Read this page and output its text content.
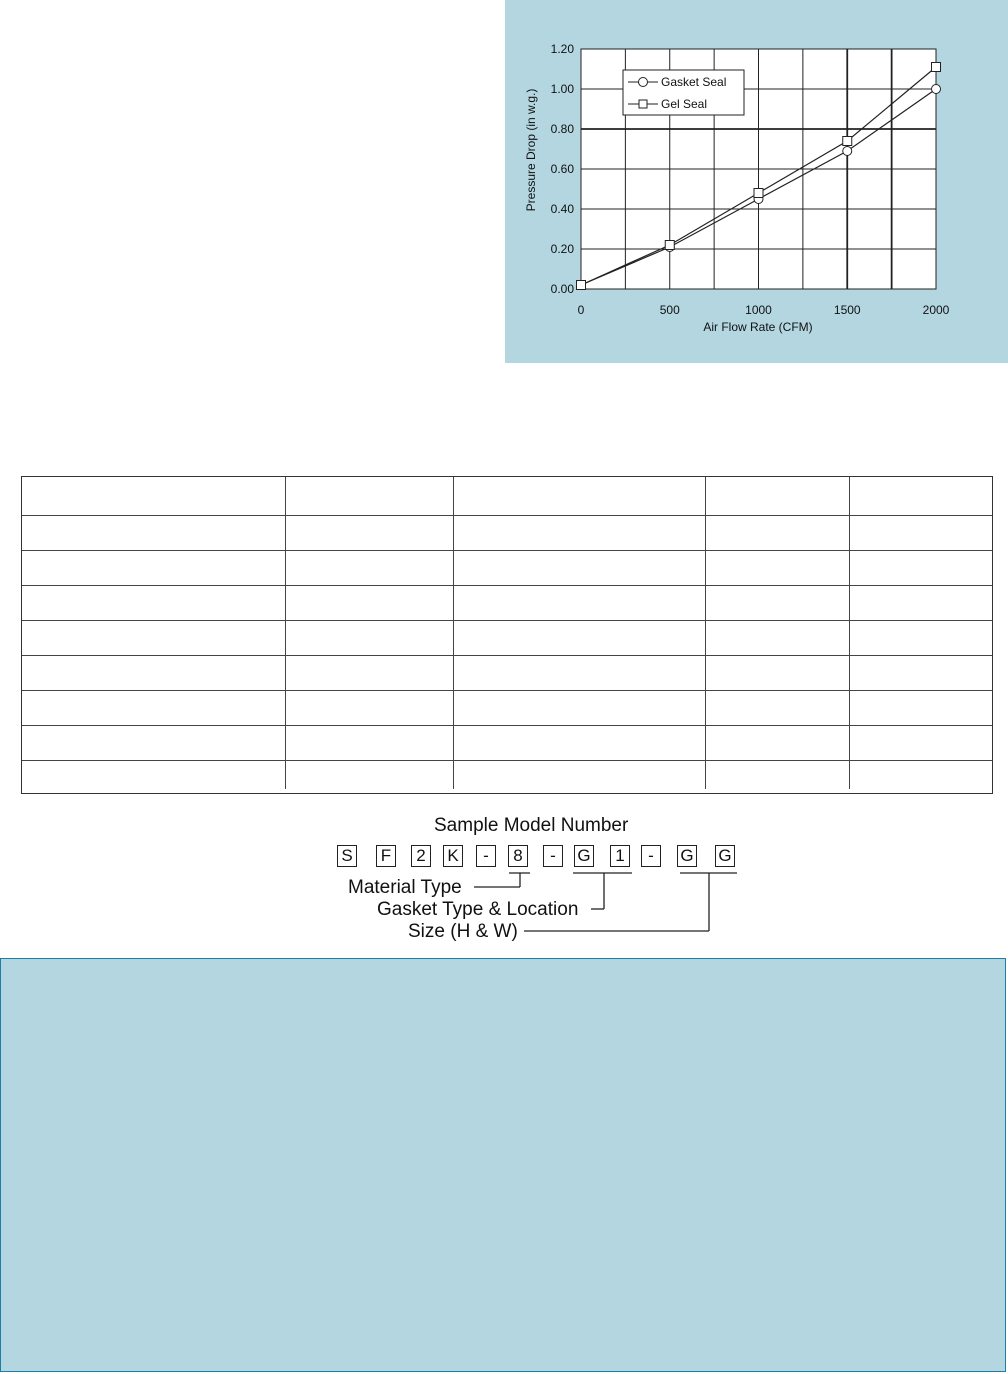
0	500	1000	1500	2000
0.00
0.20
0.40
0.60
0.80
1.00
1.20
Air Flow Rate (CFM)
Pressure Drop (in w.g.)
Gasket Seal
Gel Seal
Sample Model Number
S F	2	K	-	8	-	G	1	-	G G
Material Type
Gasket Type & Location
Size (H & W)
